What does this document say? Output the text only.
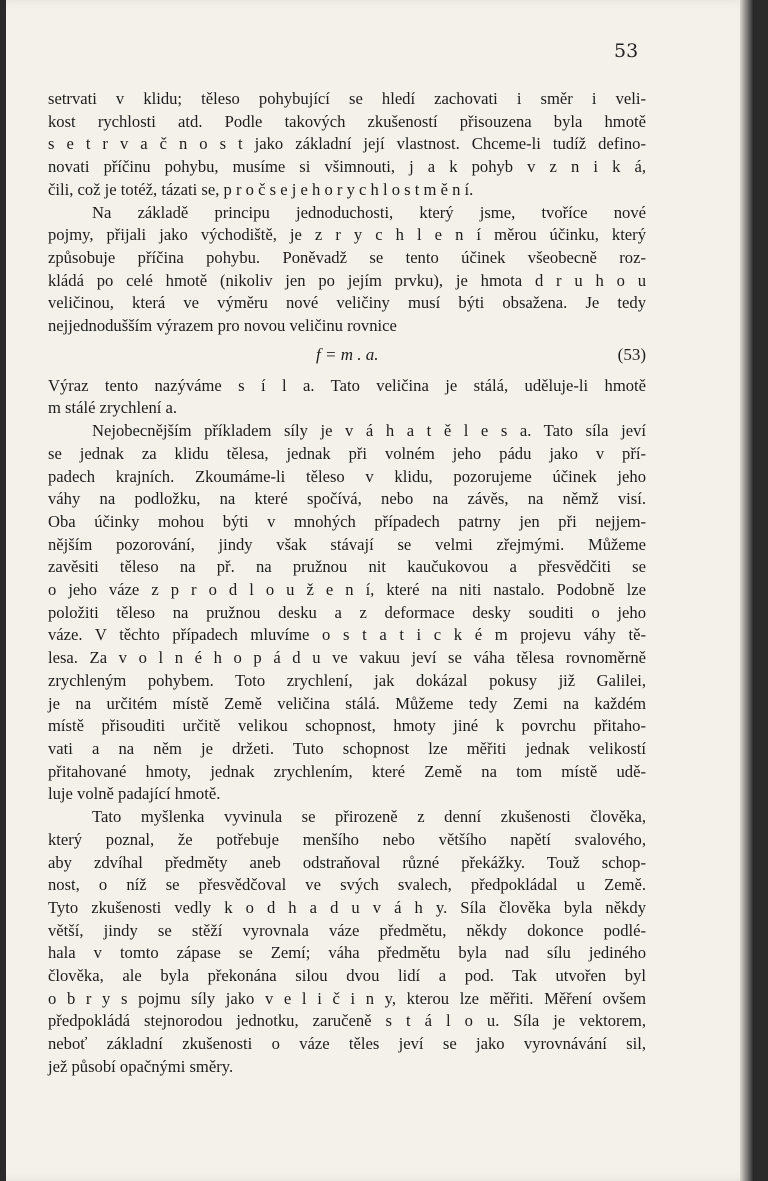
53

setrvati v klidu; těleso pohybující se hledí zachovati i směr i veli-
kost rychlosti atd. Podle takových zkušeností přisouzena byla hmotě
s e t r v a č n o s t jako základní její vlastnost. Chceme-li tudíž defino-
novati příčinu pohybu, musíme si všimnouti, j a k pohyb v z n i k á,
čili, což je totéž, tázati se, p r o č s e j e h o r y c h l o s t m ě n í.

Na základě principu jednoduchosti, který jsme, tvoříce nové
pojmy, přijali jako východiště, je z r y c h l e n í měrou účinku, který
způsobuje příčina pohybu. Poněvadž se tento účinek všeobecně roz-
kládá po celé hmotě (nikoliv jen po jejím prvku), je hmota d r u h o u
veličinou, která ve výměru nové veličiny musí býti obsažena. Je tedy
nejjednodušším výrazem pro novou veličinu rovnice

f = m . a.	(53)

Výraz tento nazýváme s í l a. Tato veličina je stálá, uděluje-li hmotě
m stálé zrychlení a.

Nejobecnějším příkladem síly je v á h a t ě l e s a. Tato síla jeví
se jednak za klidu tělesa, jednak při volném jeho pádu jako v pří-
padech krajních. Zkoumáme-li těleso v klidu, pozorujeme účinek jeho
váhy na podložku, na které spočívá, nebo na závěs, na němž visí.
Oba účinky mohou býti v mnohých případech patrny jen při nejjem-
nějším pozorování, jindy však stávají se velmi zřejmými. Můžeme
zavěsiti těleso na př. na pružnou nit kaučukovou a přesvědčiti se
o jeho váze z p r o d l o u ž e n í, které na niti nastalo. Podobně lze
položiti těleso na pružnou desku a z deformace desky souditi o jeho
váze. V těchto případech mluvíme o s t a t i c k é m projevu váhy tě-
lesa. Za v o l n é h o p á d u ve vakuu jeví se váha tělesa rovnoměrně
zrychleným pohybem. Toto zrychlení, jak dokázal pokusy již Galilei,
je na určitém místě Země veličina stálá. Můžeme tedy Zemi na každém
místě přisouditi určitě velikou schopnost, hmoty jiné k povrchu přitaho-
vati a na něm je držeti. Tuto schopnost lze měřiti jednak velikostí
přitahované hmoty, jednak zrychlením, které Země na tom místě udě-
luje volně padající hmotě.

Tato myšlenka vyvinula se přirozeně z denní zkušenosti člověka,
který poznal, že potřebuje menšího nebo většího napětí svalového,
aby zdvíhal předměty aneb odstraňoval různé překážky. Touž schop-
nost, o níž se přesvědčoval ve svých svalech, předpokládal u Země.
Tyto zkušenosti vedly k o d h a d u v á h y. Síla člověka byla někdy
větší, jindy se stěží vyrovnala váze předmětu, někdy dokonce podlé-
hala v tomto zápase se Zemí; váha předmětu byla nad sílu jediného
člověka, ale byla překonána silou dvou lidí a pod. Tak utvořen byl
o b r y s pojmu síly jako v e l i č i n y, kterou lze měřiti. Měření ovšem
předpokládá stejnorodou jednotku, zaručeně s t á l o u. Síla je vektorem,
neboť základní zkušenosti o váze těles jeví se jako vyrovnávání sil,
jež působí opačnými směry.
